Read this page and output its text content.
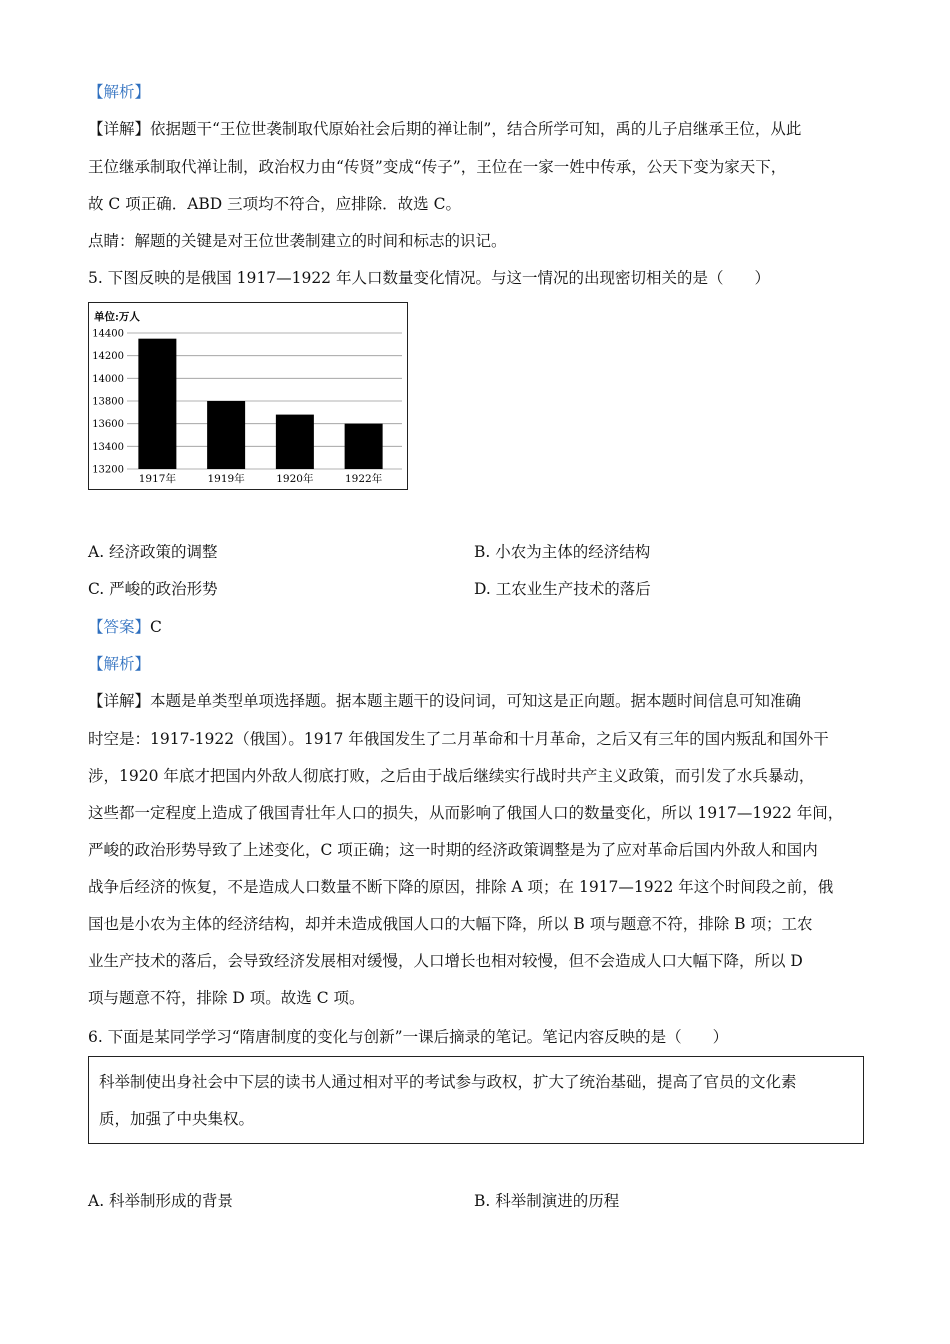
【解析】
【详解】依据题干“王位世袭制取代原始社会后期的禅让制”，结合所学可知，禹的儿子启继承王位，从此
王位继承制取代禅让制，政治权力由“传贤”变成“传子”，王位在一家一姓中传承，公天下变为家天下，
故 C 项正确．ABD 三项均不符合，应排除．故选 C。
点睛：解题的关键是对王位世袭制建立的时间和标志的识记。
5. 下图反映的是俄国 1917—1922 年人口数量变化情况。与这一情况的出现密切相关的是（　　）
单位:万人
14400
14200
14000
13800
13600
13400
13200
1917年	1919年	1920年	1922年
A. 经济政策的调整	B. 小农为主体的经济结构
C. 严峻的政治形势	D. 工农业生产技术的落后
【答案】C
【解析】
【详解】本题是单类型单项选择题。据本题主题干的设问词，可知这是正向题。据本题时间信息可知准确
时空是：1917-1922（俄国）。1917 年俄国发生了二月革命和十月革命，之后又有三年的国内叛乱和国外干
涉，1920 年底才把国内外敌人彻底打败，之后由于战后继续实行战时共产主义政策，而引发了水兵暴动，
这些都一定程度上造成了俄国青壮年人口的损失，从而影响了俄国人口的数量变化，所以 1917—1922 年间，
严峻的政治形势导致了上述变化，C 项正确；这一时期的经济政策调整是为了应对革命后国内外敌人和国内
战争后经济的恢复，不是造成人口数量不断下降的原因，排除 A 项；在 1917—1922 年这个时间段之前，俄
国也是小农为主体的经济结构，却并未造成俄国人口的大幅下降，所以 B 项与题意不符，排除 B 项；工农
业生产技术的落后，会导致经济发展相对缓慢，人口增长也相对较慢，但不会造成人口大幅下降，所以 D
项与题意不符，排除 D 项。故选 C 项。
6. 下面是某同学学习“隋唐制度的变化与创新”一课后摘录的笔记。笔记内容反映的是（　　）
科举制使出身社会中下层的读书人通过相对平的考试参与政权，扩大了统治基础，提高了官员的文化素
质，加强了中央集权。
A. 科举制形成的背景	B. 科举制演进的历程
